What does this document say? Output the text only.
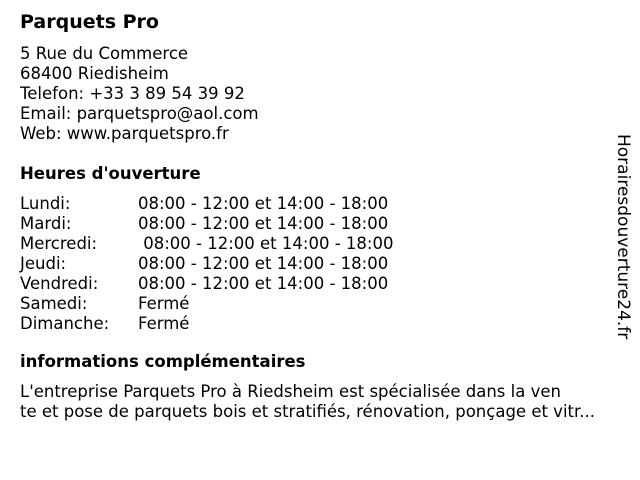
Parquets Pro
5 Rue du Commerce
68400 Riedisheim
Telefon: +33 3 89 54 39 92
Email: parquetspro@aol.com
Web: www.parquetspro.fr
Heures d'ouverture
Lundi:	08:00 - 12:00 et 14:00 - 18:00
Mardi:	08:00 - 12:00 et 14:00 - 18:00
Mercredi:	08:00 - 12:00 et 14:00 - 18:00
Jeudi:	08:00 - 12:00 et 14:00 - 18:00
Vendredi:	08:00 - 12:00 et 14:00 - 18:00
Samedi:	Fermé
Dimanche:	Fermé
informations complémentaires
L'entreprise Parquets Pro à Riedsheim est spécialisée dans la ven
te et pose de parquets bois et stratifiés, rénovation, ponçage et vitr...
Horairesdouverture24.fr
